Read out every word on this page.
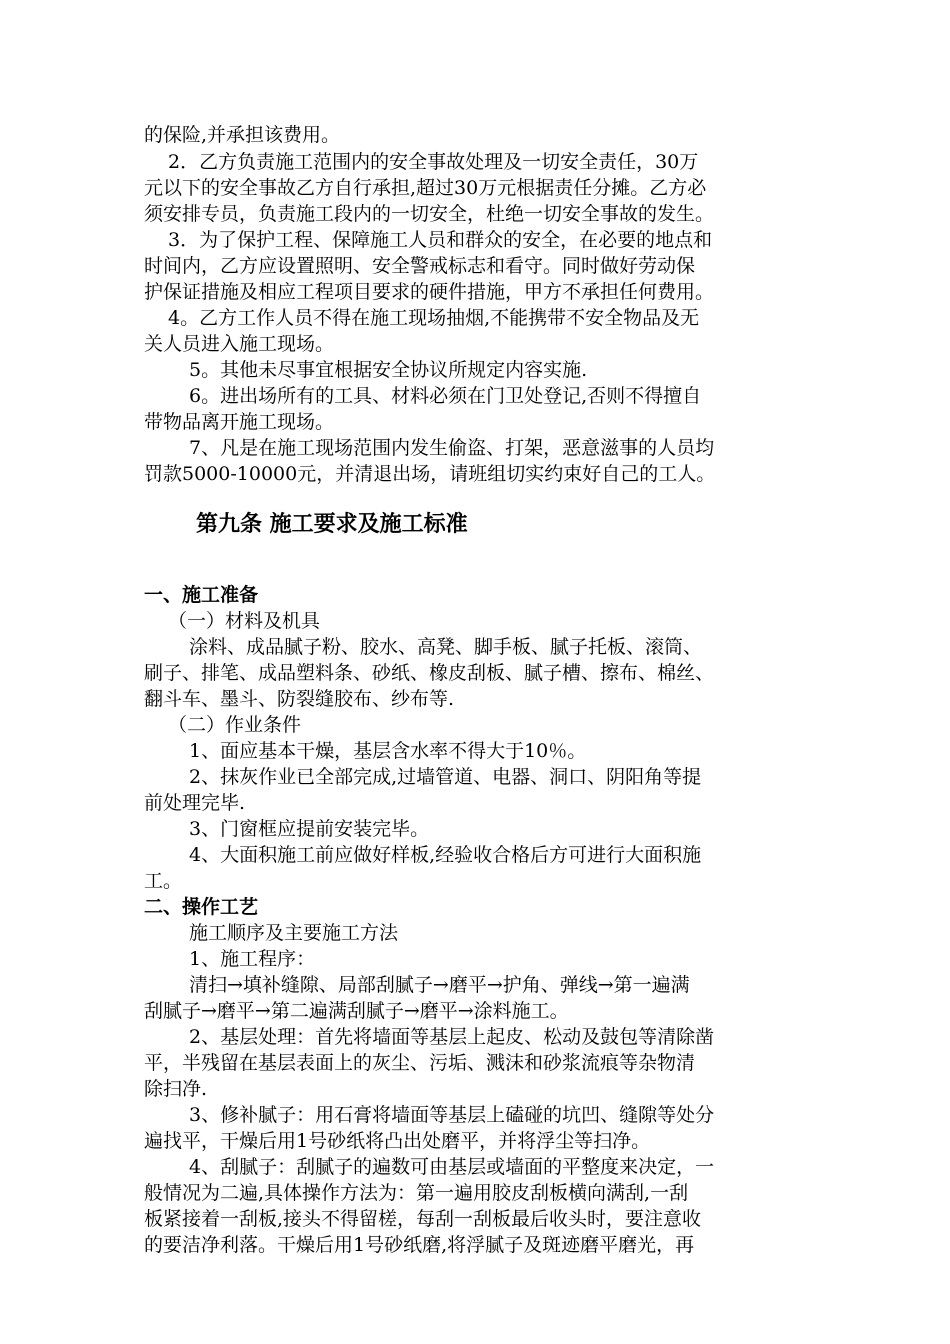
的保险,并承担该费用。
2．乙方负责施工范围内的安全事故处理及一切安全责任，30万
元以下的安全事故乙方自行承担,超过30万元根据责任分摊。乙方必
须安排专员，负责施工段内的一切安全，杜绝一切安全事故的发生。
3．为了保护工程、保障施工人员和群众的安全，在必要的地点和
时间内，乙方应设置照明、安全警戒标志和看守。同时做好劳动保
护保证措施及相应工程项目要求的硬件措施，甲方不承担任何费用。
4。乙方工作人员不得在施工现场抽烟,不能携带不安全物品及无
关人员进入施工现场。
5。其他未尽事宜根据安全协议所规定内容实施.
6。进出场所有的工具、材料必须在门卫处登记,否则不得擅自
带物品离开施工现场。
7、凡是在施工现场范围内发生偷盗、打架，恶意滋事的人员均
罚款5000-10000元，并清退出场，请班组切实约束好自己的工人。
第九条 施工要求及施工标准
一、施工准备
（一）材料及机具
涂料、成品腻子粉、胶水、高凳、脚手板、腻子托板、滚筒、
刷子、排笔、成品塑料条、砂纸、橡皮刮板、腻子槽、擦布、棉丝、
翻斗车、墨斗、防裂缝胶布、纱布等.
（二）作业条件
1、面应基本干燥，基层含水率不得大于10％。
2、抹灰作业已全部完成,过墙管道、电器、洞口、阴阳角等提
前处理完毕.
3、门窗框应提前安装完毕。
4、大面积施工前应做好样板,经验收合格后方可进行大面积施
工。
二、操作工艺
施工顺序及主要施工方法
1、施工程序：
清扫→填补缝隙、局部刮腻子→磨平→护角、弹线→第一遍满
刮腻子→磨平→第二遍满刮腻子→磨平→涂料施工。
2、基层处理：首先将墙面等基层上起皮、松动及鼓包等清除凿
平，半残留在基层表面上的灰尘、污垢、溅沫和砂浆流痕等杂物清
除扫净.
3、修补腻子：用石膏将墙面等基层上磕碰的坑凹、缝隙等处分
遍找平，干燥后用1号砂纸将凸出处磨平，并将浮尘等扫净。
4、刮腻子：刮腻子的遍数可由基层或墙面的平整度来决定，一
般情况为二遍,具体操作方法为：第一遍用胶皮刮板横向满刮,一刮
板紧接着一刮板,接头不得留槎，每刮一刮板最后收头时，要注意收
的要洁净利落。干燥后用1号砂纸磨,将浮腻子及斑迹磨平磨光，再
